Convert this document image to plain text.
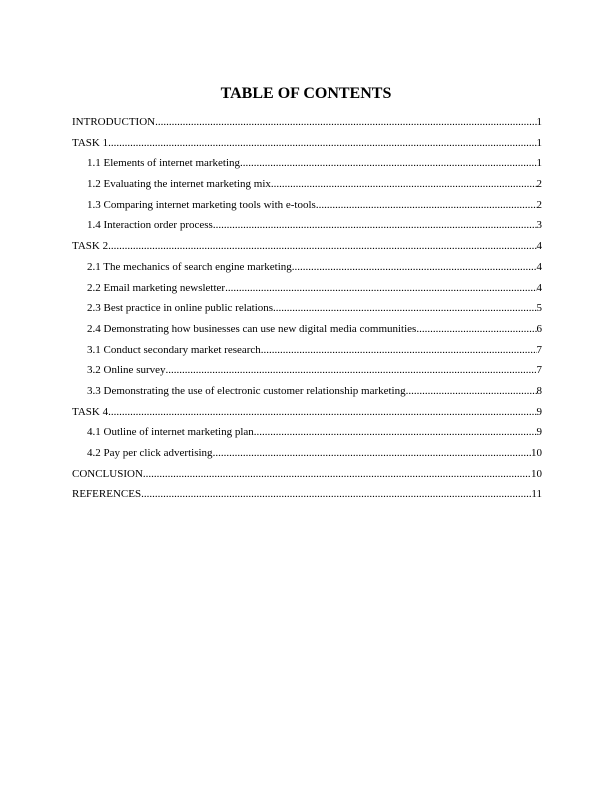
TABLE OF CONTENTS
INTRODUCTION .....	1
TASK 1 .....	1
1.1 Elements of internet marketing .....	1
1.2 Evaluating the internet marketing mix .....	2
1.3 Comparing internet marketing tools with e-tools .....	2
1.4 Interaction order process .....	3
TASK 2 .....	4
2.1 The mechanics of search engine marketing .....	4
2.2 Email marketing newsletter .....	4
2.3 Best practice in online public relations .....	5
2.4 Demonstrating how businesses can use new digital media communities .....	6
3.1 Conduct secondary market research .....	7
3.2 Online survey .....	7
3.3 Demonstrating the use of electronic customer relationship marketing .....	8
TASK 4 .....	9
4.1 Outline of internet marketing plan .....	9
4.2 Pay per click advertising .....	10
CONCLUSION .....	10
REFERENCES .....	11
